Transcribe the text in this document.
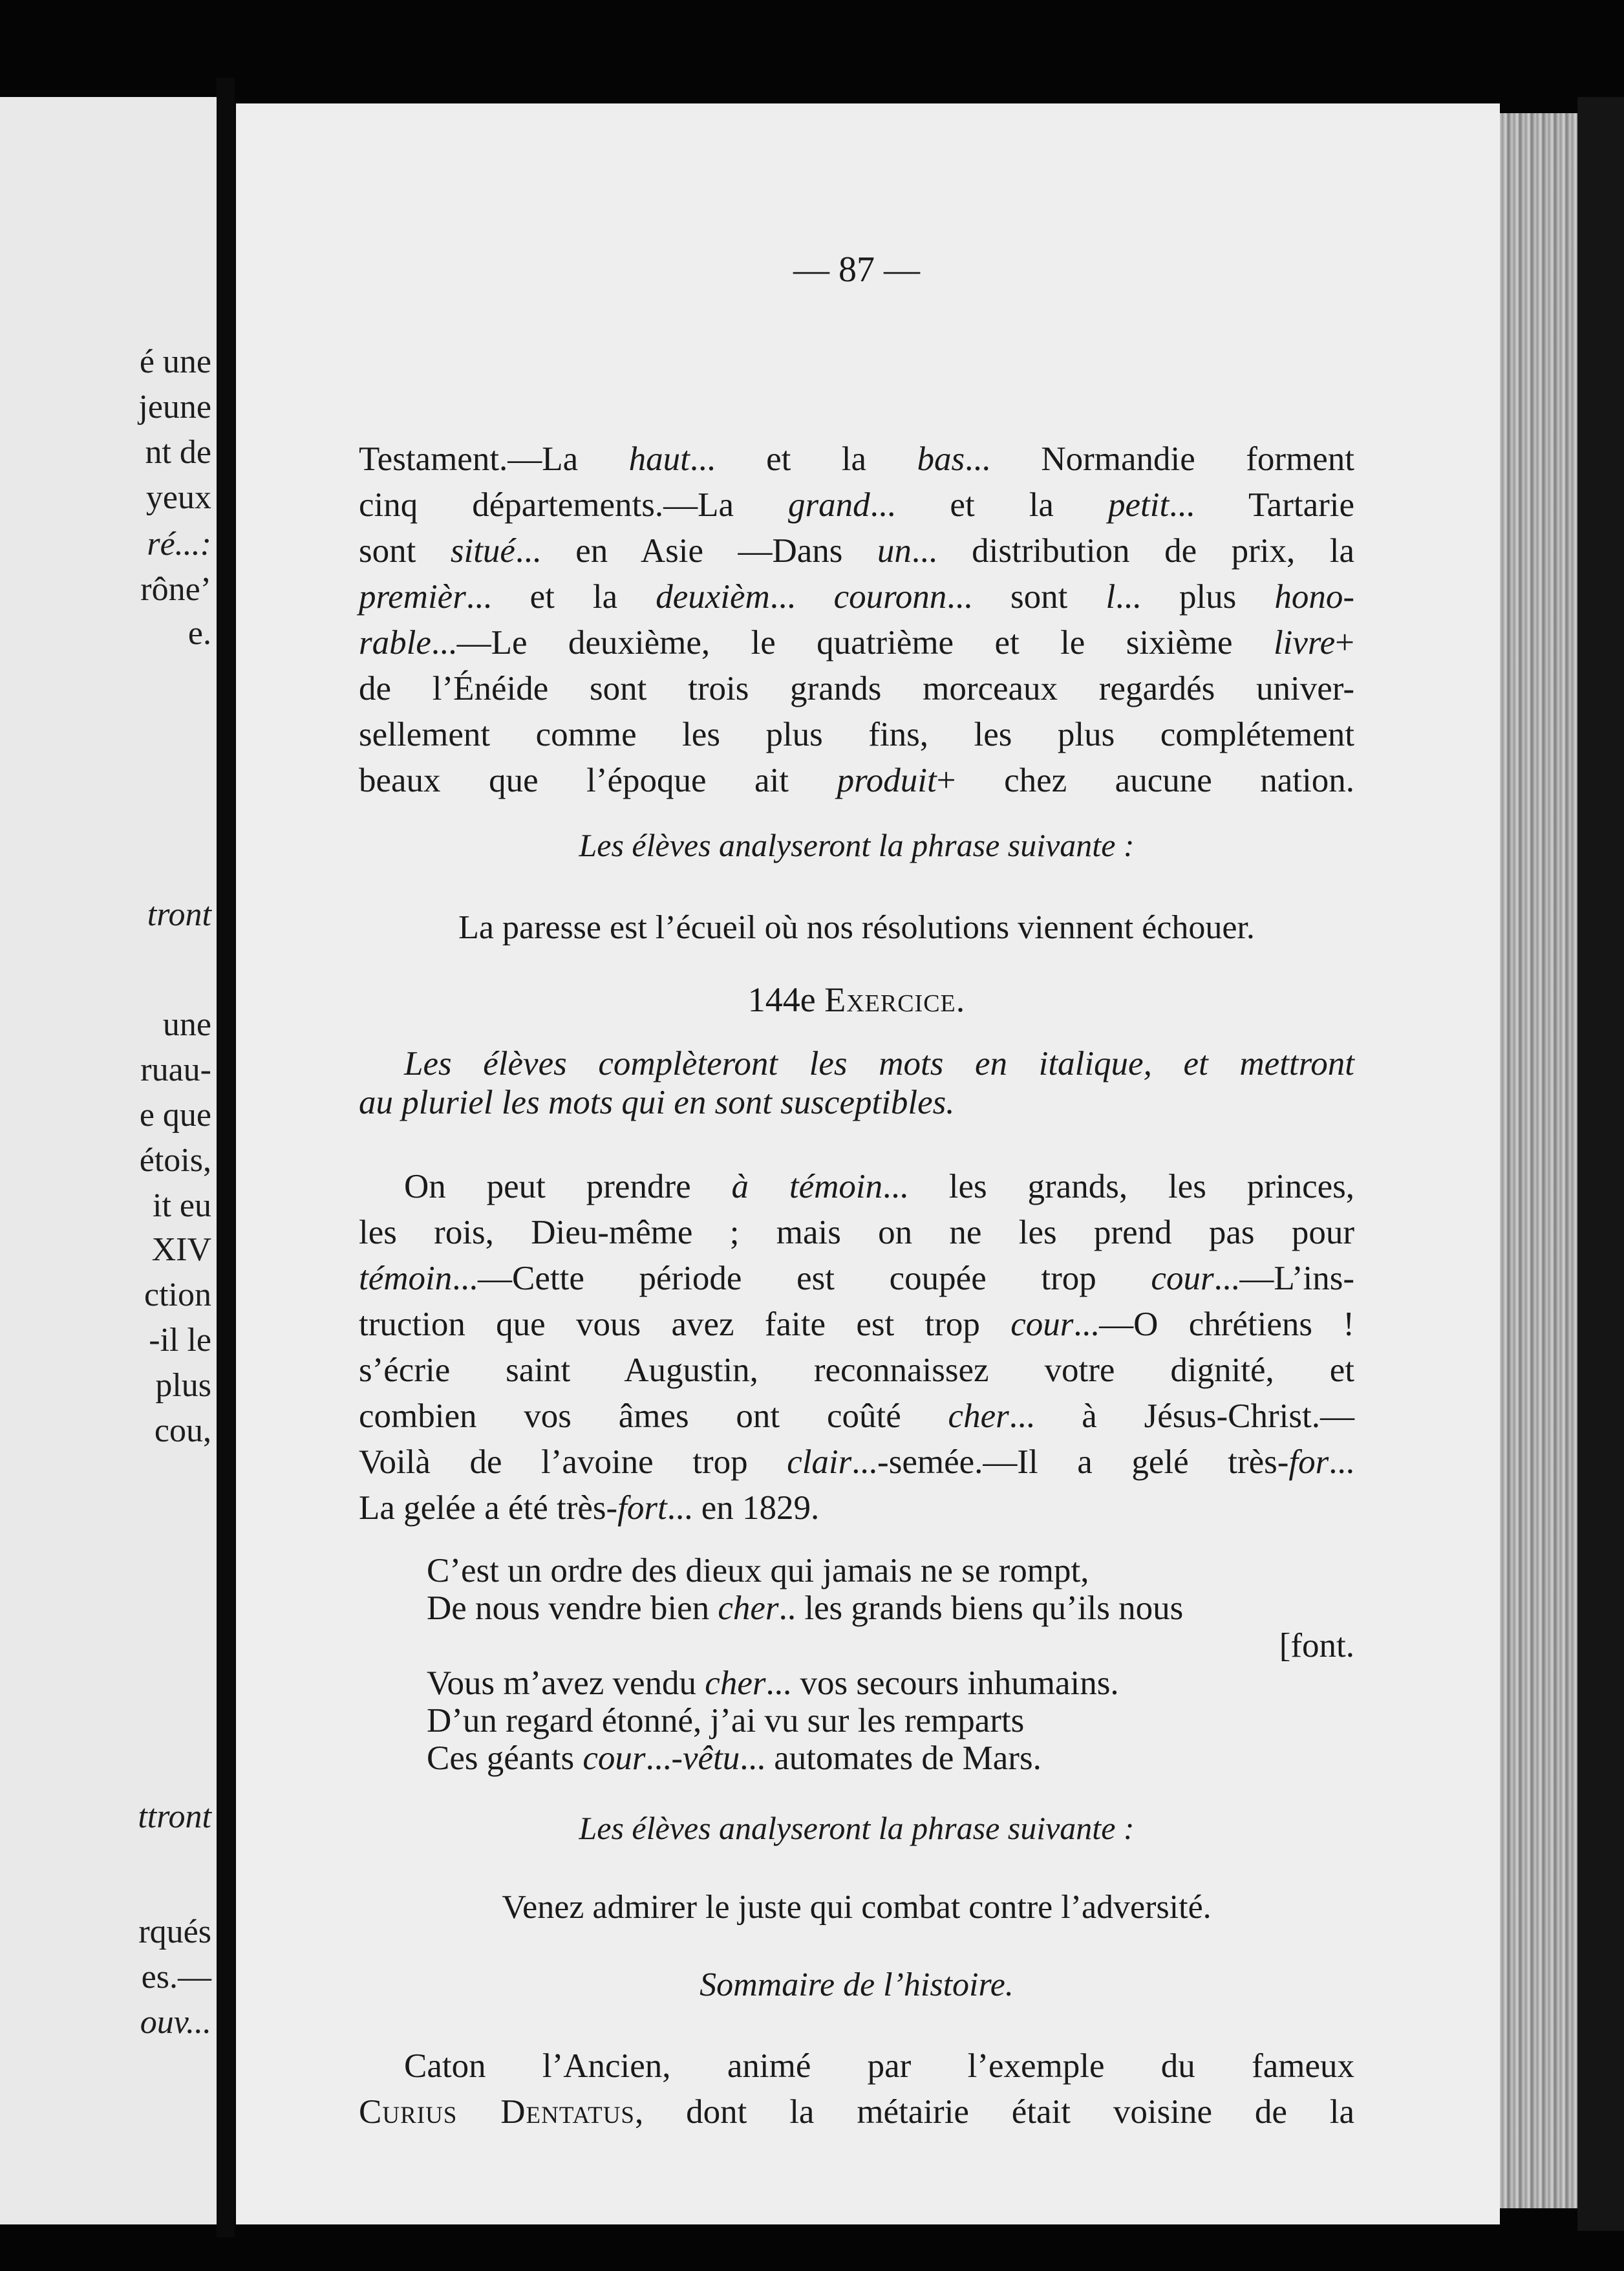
é une

jeune

nt de

yeux

ré...:

rône’

e.

tront

une

ruau-

e que

étois,

it eu

XIV

ction

-il le

plus

cou,

ttront

rqués

es.—

ouv...

— 87 —

Testament.—La haut... et la bas... Normandie forment
cinq départements.—La grand... et la petit... Tartarie
sont situé... en Asie —Dans un... distribution de prix, la
premièr... et la deuxièm... couronn... sont l... plus hono-
rable...—Le deuxième, le quatrième et le sixième livre+
de l’Énéide sont trois grands morceaux regardés univer-
sellement comme les plus fins, les plus complétement
beaux que l’époque ait produit+ chez aucune nation.

Les élèves analyseront la phrase suivante :

La paresse est l’écueil où nos résolutions viennent échouer.

144e Exercice.

Les élèves complèteront les mots en italique, et mettront
au pluriel les mots qui en sont susceptibles.
On peut prendre à témoin... les grands, les princes,
les rois, Dieu-même ; mais on ne les prend pas pour
témoin...—Cette période est coupée trop cour...—L’ins-
truction que vous avez faite est trop cour...—O chrétiens !
s’écrie saint Augustin, reconnaissez votre dignité, et
combien vos âmes ont coûté cher... à Jésus-Christ.—
Voilà de l’avoine trop clair...-semée.—Il a gelé très-for...
La gelée a été très-fort... en 1829.
C’est un ordre des dieux qui jamais ne se rompt,
De nous vendre bien cher.. les grands biens qu’ils nous
[font.
Vous m’avez vendu cher... vos secours inhumains.
D’un regard étonné, j’ai vu sur les remparts
Ces géants cour...-vêtu... automates de Mars.

Les élèves analyseront la phrase suivante :

Venez admirer le juste qui combat contre l’adversité.

Sommaire de l’histoire.

Caton l’Ancien, animé par l’exemple du fameux
Curius Dentatus, dont la métairie était voisine de la
